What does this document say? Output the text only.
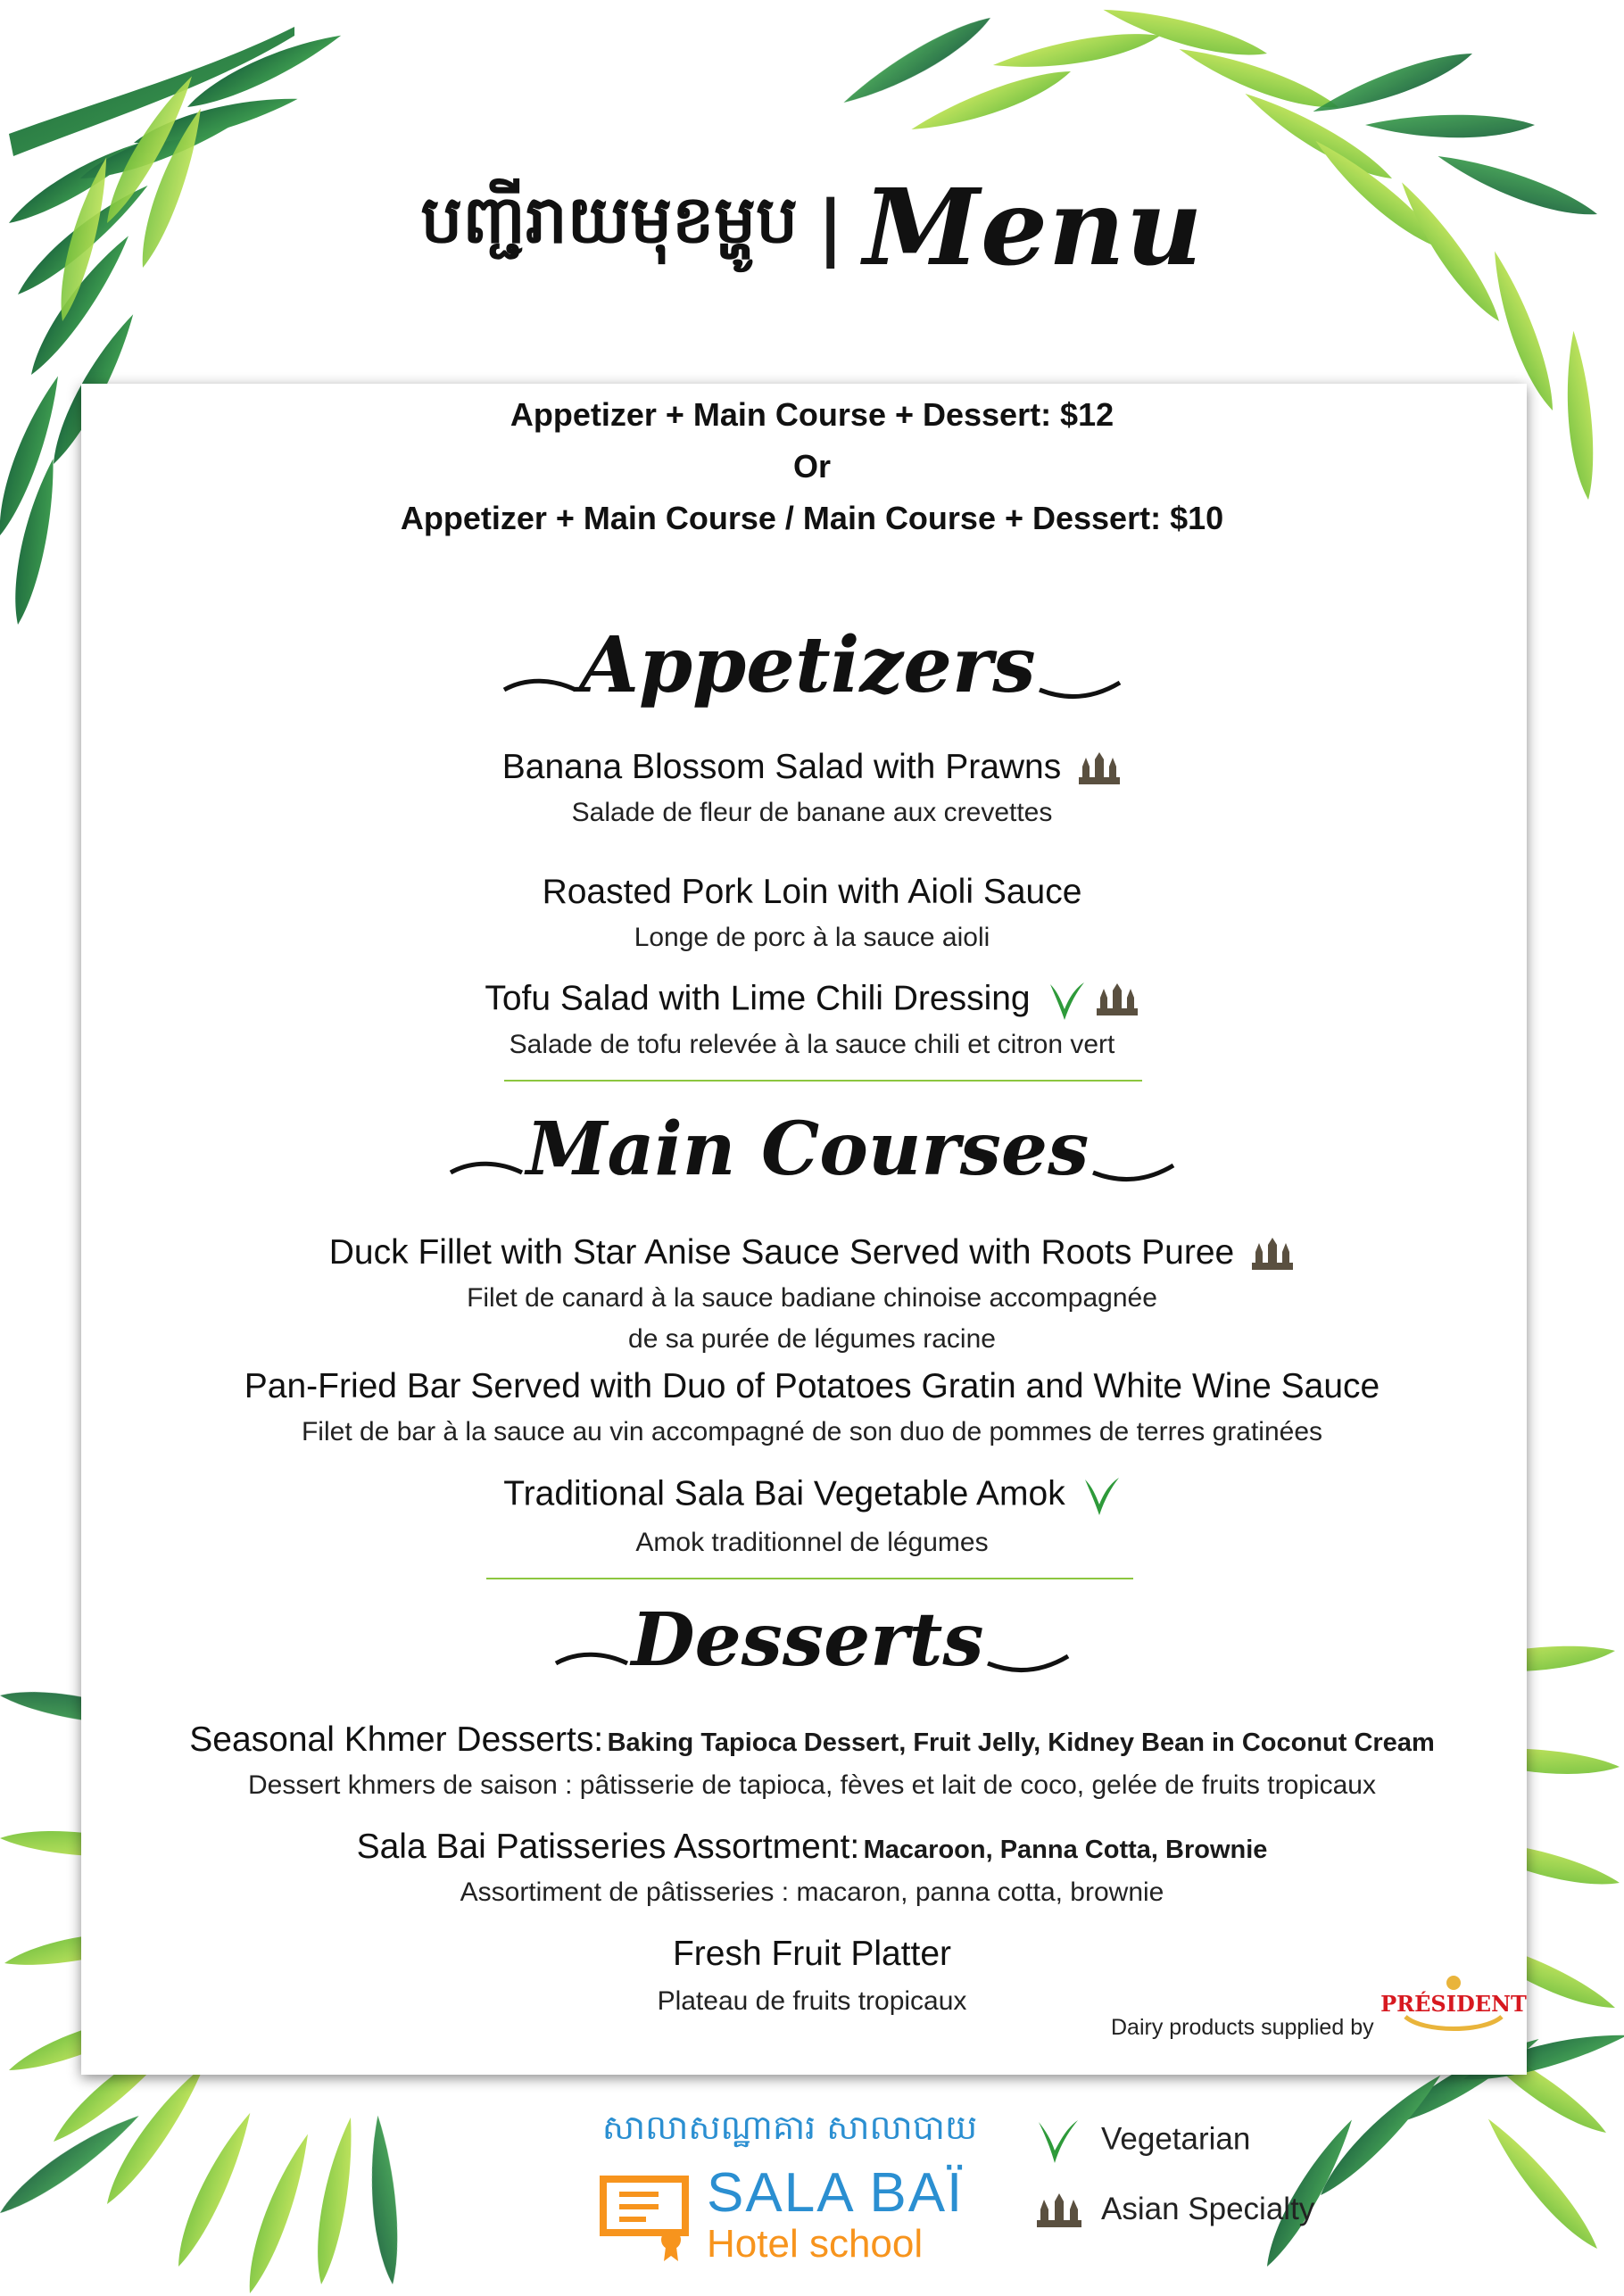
បញ្ជីរាយមុខម្ហូប | Menu
Appetizer + Main Course + Dessert: $12
Or
Appetizer + Main Course / Main Course + Dessert: $10
Appetizers
Banana Blossom Salad with Prawns
Salade de fleur de banane aux crevettes
Roasted Pork Loin with Aioli Sauce
Longe de porc à la sauce aioli
Tofu Salad with Lime Chili Dressing
Salade de tofu relevée à la sauce chili et citron vert
Main Courses
Duck Fillet with Star Anise Sauce Served with Roots Puree
Filet de canard à la sauce badiane chinoise accompagnée
de sa purée de légumes racine
Pan-Fried Bar Served with Duo of Potatoes Gratin and White Wine Sauce
Filet de bar à la sauce au vin accompagné de son duo de pommes de terres gratinées
Traditional Sala Bai Vegetable Amok
Amok traditionnel de légumes
Desserts
Seasonal Khmer Desserts: Baking Tapioca Dessert, Fruit Jelly, Kidney Bean in Coconut Cream
Dessert khmers de saison : pâtisserie de tapioca, fèves et lait de coco, gelée de fruits tropicaux
Sala Bai Patisseries Assortment: Macaroon, Panna Cotta, Brownie
Assortiment de pâtisseries : macaron, panna cotta, brownie
Fresh Fruit Platter
Plateau de fruits tropicaux
Dairy products supplied by
PRÉSIDENT
សាលាសណ្ឋាគារ សាលាបាយ
SALA BAÏ
Hotel school
Vegetarian
Asian Specialty
